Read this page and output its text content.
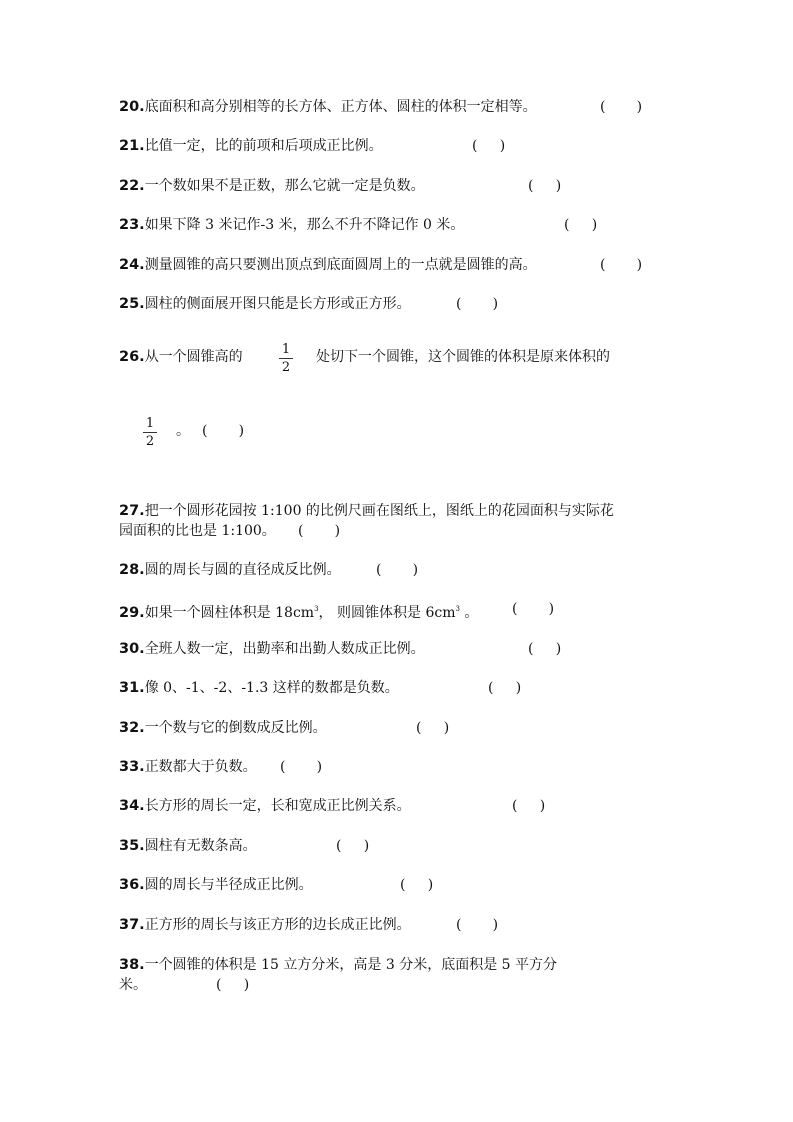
20.底面积和高分别相等的长方体、正方体、圆柱的体积一定相等。	(       )
21.比值一定，比的前项和后项成正比例。	(     )
22.一个数如果不是正数，那么它就一定是负数。	(     )
23.如果下降 3 米记作-3 米，那么不升不降记作 0 米。	(     )
24.测量圆锥的高只要测出顶点到底面圆周上的一点就是圆锥的高。	(       )
25.圆柱的侧面展开图只能是长方形或正方形。	(       )
26.从一个圆锥高的	1
2
处切下一个圆锥，这个圆锥的体积是原来体积的
1
2
。 (       )
27.把一个圆形花园按 1:100 的比例尺画在图纸上，图纸上的花园面积与实际花
园面积的比也是 1:100。 (       )
28.圆的周长与圆的直径成反比例。	(       )
29.如果一个圆柱体积是 $18cm^3$， 则圆锥体积是 $6cm^3$ 。 (       )
30.全班人数一定，出勤率和出勤人数成正比例。	(     )
31.像 0、-1、-2、-1.3 这样的数都是负数。	(     )
32.一个数与它的倒数成反比例。	(     )
33.正数都大于负数。 (       )
34.长方形的周长一定，长和宽成正比例关系。	(     )
35.圆柱有无数条高。	(     )
36.圆的周长与半径成正比例。	(     )
37.正方形的周长与该正方形的边长成正比例。	(       )
38.一个圆锥的体积是 15 立方分米，高是 3 分米，底面积是 5 平方分
米。	(     )
